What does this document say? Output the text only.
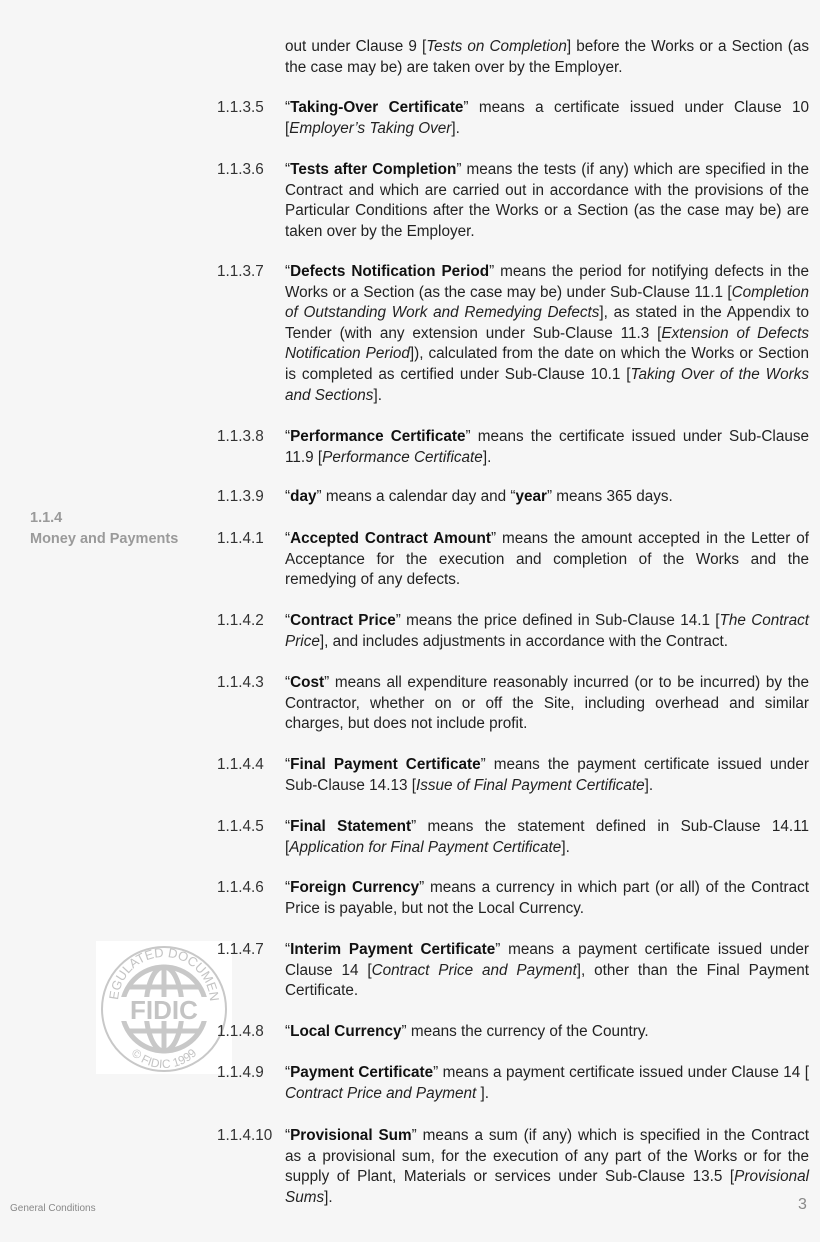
1.1.4
Money and Payments
FIDIC
EGULATED DOCUMEN
© FIDIC 1999
General Conditions	3
out under Clause 9 [Tests on Completion] before the Works or a Section (as the case may be) are taken over by the Employer.
1.1.3.5	“Taking-Over Certificate” means a certificate issued under Clause 10 [Employer’s Taking Over].
1.1.3.6	“Tests after Completion” means the tests (if any) which are specified in the Contract and which are carried out in accordance with the provisions of the Particular Conditions after the Works or a Section (as the case may be) are taken over by the Employer.
1.1.3.7	“Defects Notification Period” means the period for notifying defects in the Works or a Section (as the case may be) under Sub-Clause 11.1 [Completion of Outstanding Work and Remedying Defects], as stated in the Appendix to Tender (with any extension under Sub-Clause 11.3 [Extension of Defects Notification Period]), calculated from the date on which the Works or Section is completed as certified under Sub-Clause 10.1 [Taking Over of the Works and Sections].
1.1.3.8	“Performance Certificate” means the certificate issued under Sub-Clause 11.9 [Performance Certificate].
1.1.3.9	“day” means a calendar day and “year” means 365 days.
1.1.4.1	“Accepted Contract Amount” means the amount accepted in the Letter of Acceptance for the execution and completion of the Works and the remedying of any defects.
1.1.4.2	“Contract Price” means the price defined in Sub-Clause 14.1 [The Contract Price], and includes adjustments in accordance with the Contract.
1.1.4.3	“Cost” means all expenditure reasonably incurred (or to be incurred) by the Contractor, whether on or off the Site, including overhead and similar charges, but does not include profit.
1.1.4.4	“Final Payment Certificate” means the payment certificate issued under Sub-Clause 14.13 [Issue of Final Payment Certificate].
1.1.4.5	“Final Statement” means the statement defined in Sub-Clause 14.11 [Application for Final Payment Certificate].
1.1.4.6	“Foreign Currency” means a currency in which part (or all) of the Contract Price is payable, but not the Local Currency.
1.1.4.7	“Interim Payment Certificate” means a payment certificate issued under Clause 14 [Contract Price and Payment], other than the Final Payment Certificate.
1.1.4.8	“Local Currency” means the currency of the Country.
1.1.4.9	“Payment Certificate” means a payment certificate issued under Clause 14 [ Contract Price and Payment ].
1.1.4.10 “Provisional Sum” means a sum (if any) which is specified in the Contract as a provisional sum, for the execution of any part of the Works or for the supply of Plant, Materials or services under Sub-Clause 13.5 [Provisional Sums].
